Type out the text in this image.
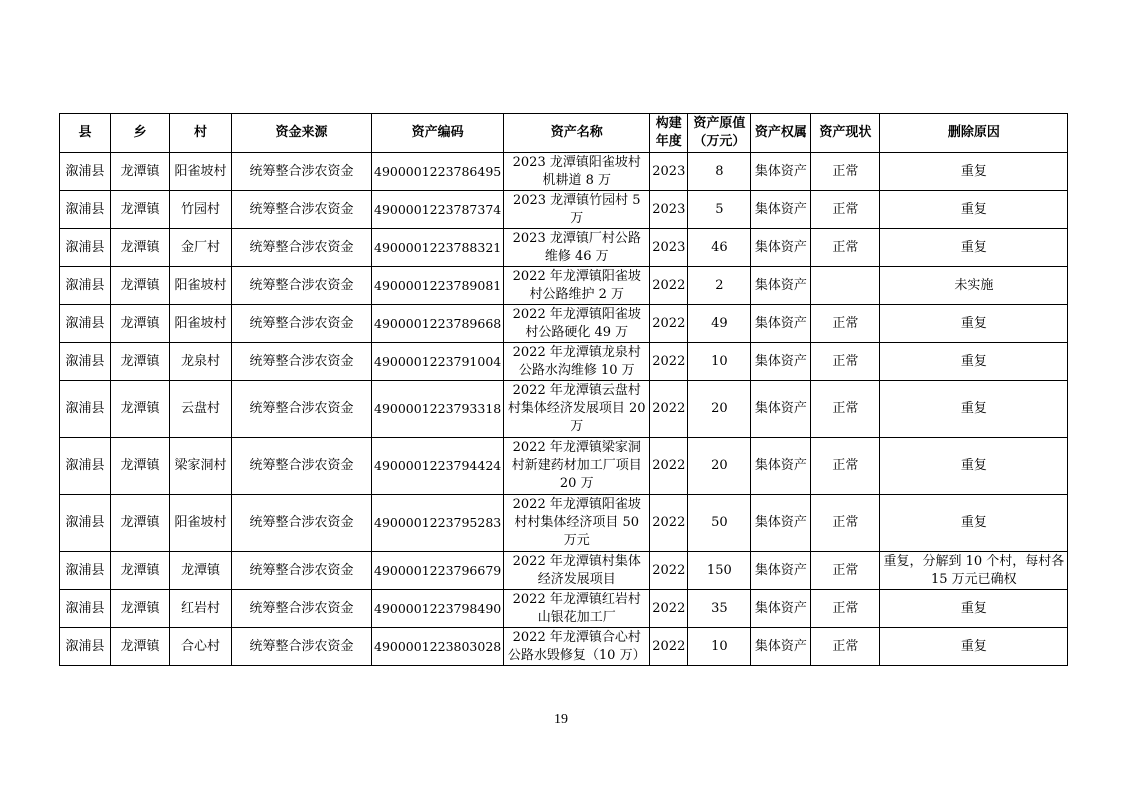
县	乡	村	资金来源	资产编码	资产名称	构建年度	资产原值（万元）	资产权属	资产现状	删除原因
溆浦县	龙潭镇	阳雀坡村	统筹整合涉农资金	4900001223786495	2023 龙潭镇阳雀坡村机耕道 8 万	2023	8	集体资产	正常	重复
溆浦县	龙潭镇	竹园村	统筹整合涉农资金	4900001223787374	2023 龙潭镇竹园村 5 万	2023	5	集体资产	正常	重复
溆浦县	龙潭镇	金厂村	统筹整合涉农资金	4900001223788321	2023 龙潭镇厂村公路维修 46 万	2023	46	集体资产	正常	重复
溆浦县	龙潭镇	阳雀坡村	统筹整合涉农资金	4900001223789081	2022 年龙潭镇阳雀坡村公路维护 2 万	2022	2	集体资产		未实施
溆浦县	龙潭镇	阳雀坡村	统筹整合涉农资金	4900001223789668	2022 年龙潭镇阳雀坡村公路硬化 49 万	2022	49	集体资产	正常	重复
溆浦县	龙潭镇	龙泉村	统筹整合涉农资金	4900001223791004	2022 年龙潭镇龙泉村公路水沟维修 10 万	2022	10	集体资产	正常	重复
溆浦县	龙潭镇	云盘村	统筹整合涉农资金	4900001223793318	2022 年龙潭镇云盘村村集体经济发展项目 20 万	2022	20	集体资产	正常	重复
溆浦县	龙潭镇	梁家洞村	统筹整合涉农资金	4900001223794424	2022 年龙潭镇梁家洞村新建药材加工厂项目 20 万	2022	20	集体资产	正常	重复
溆浦县	龙潭镇	阳雀坡村	统筹整合涉农资金	4900001223795283	2022 年龙潭镇阳雀坡村村集体经济项目 50 万元	2022	50	集体资产	正常	重复
溆浦县	龙潭镇	龙潭镇	统筹整合涉农资金	4900001223796679	2022 年龙潭镇村集体经济发展项目	2022	150	集体资产	正常	重复，分解到 10 个村，每村各 15 万元已确权
溆浦县	龙潭镇	红岩村	统筹整合涉农资金	4900001223798490	2022 年龙潭镇红岩村山银花加工厂	2022	35	集体资产	正常	重复
溆浦县	龙潭镇	合心村	统筹整合涉农资金	4900001223803028	2022 年龙潭镇合心村公路水毁修复（10 万）	2022	10	集体资产	正常	重复
19
